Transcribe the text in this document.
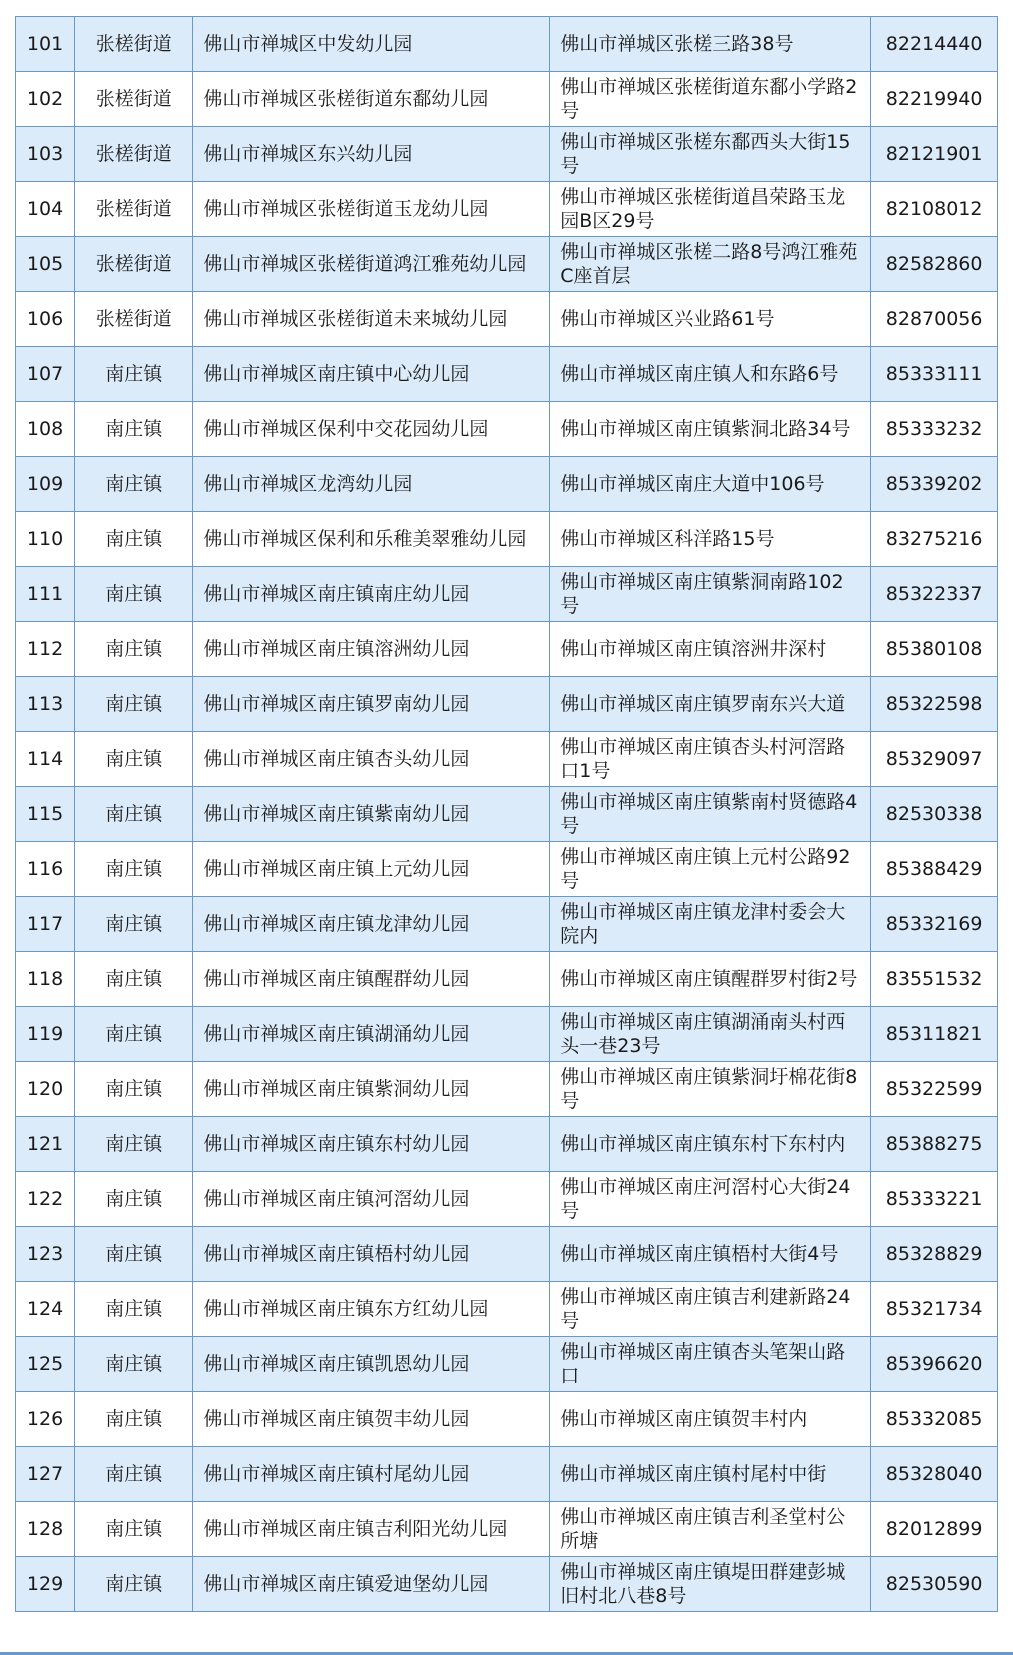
101	张槎街道	佛山市禅城区中发幼儿园	佛山市禅城区张槎三路38号	82214440
102	张槎街道	佛山市禅城区张槎街道东鄱幼儿园	佛山市禅城区张槎街道东鄱小学路2号	82219940
103	张槎街道	佛山市禅城区东兴幼儿园	佛山市禅城区张槎东鄱西头大街15号	82121901
104	张槎街道	佛山市禅城区张槎街道玉龙幼儿园	佛山市禅城区张槎街道昌荣路玉龙园B区29号	82108012
105	张槎街道	佛山市禅城区张槎街道鸿江雅苑幼儿园	佛山市禅城区张槎二路8号鸿江雅苑C座首层	82582860
106	张槎街道	佛山市禅城区张槎街道未来城幼儿园	佛山市禅城区兴业路61号	82870056
107	南庄镇	佛山市禅城区南庄镇中心幼儿园	佛山市禅城区南庄镇人和东路6号	85333111
108	南庄镇	佛山市禅城区保利中交花园幼儿园	佛山市禅城区南庄镇紫洞北路34号	85333232
109	南庄镇	佛山市禅城区龙湾幼儿园	佛山市禅城区南庄大道中106号	85339202
110	南庄镇	佛山市禅城区保利和乐稚美翠雅幼儿园	佛山市禅城区科洋路15号	83275216
111	南庄镇	佛山市禅城区南庄镇南庄幼儿园	佛山市禅城区南庄镇紫洞南路102号	85322337
112	南庄镇	佛山市禅城区南庄镇溶洲幼儿园	佛山市禅城区南庄镇溶洲井深村	85380108
113	南庄镇	佛山市禅城区南庄镇罗南幼儿园	佛山市禅城区南庄镇罗南东兴大道	85322598
114	南庄镇	佛山市禅城区南庄镇杏头幼儿园	佛山市禅城区南庄镇杏头村河滘路口1号	85329097
115	南庄镇	佛山市禅城区南庄镇紫南幼儿园	佛山市禅城区南庄镇紫南村贤德路4号	82530338
116	南庄镇	佛山市禅城区南庄镇上元幼儿园	佛山市禅城区南庄镇上元村公路92号	85388429
117	南庄镇	佛山市禅城区南庄镇龙津幼儿园	佛山市禅城区南庄镇龙津村委会大院内	85332169
118	南庄镇	佛山市禅城区南庄镇醒群幼儿园	佛山市禅城区南庄镇醒群罗村街2号	83551532
119	南庄镇	佛山市禅城区南庄镇湖涌幼儿园	佛山市禅城区南庄镇湖涌南头村西头一巷23号	85311821
120	南庄镇	佛山市禅城区南庄镇紫洞幼儿园	佛山市禅城区南庄镇紫洞圩棉花街8号	85322599
121	南庄镇	佛山市禅城区南庄镇东村幼儿园	佛山市禅城区南庄镇东村下东村内	85388275
122	南庄镇	佛山市禅城区南庄镇河滘幼儿园	佛山市禅城区南庄河滘村心大街24号	85333221
123	南庄镇	佛山市禅城区南庄镇梧村幼儿园	佛山市禅城区南庄镇梧村大街4号	85328829
124	南庄镇	佛山市禅城区南庄镇东方红幼儿园	佛山市禅城区南庄镇吉利建新路24号	85321734
125	南庄镇	佛山市禅城区南庄镇凯恩幼儿园	佛山市禅城区南庄镇杏头笔架山路口	85396620
126	南庄镇	佛山市禅城区南庄镇贺丰幼儿园	佛山市禅城区南庄镇贺丰村内	85332085
127	南庄镇	佛山市禅城区南庄镇村尾幼儿园	佛山市禅城区南庄镇村尾村中街	85328040
128	南庄镇	佛山市禅城区南庄镇吉利阳光幼儿园	佛山市禅城区南庄镇吉利圣堂村公所塘	82012899
129	南庄镇	佛山市禅城区南庄镇爱迪堡幼儿园	佛山市禅城区南庄镇堤田群建彭城旧村北八巷8号	82530590
